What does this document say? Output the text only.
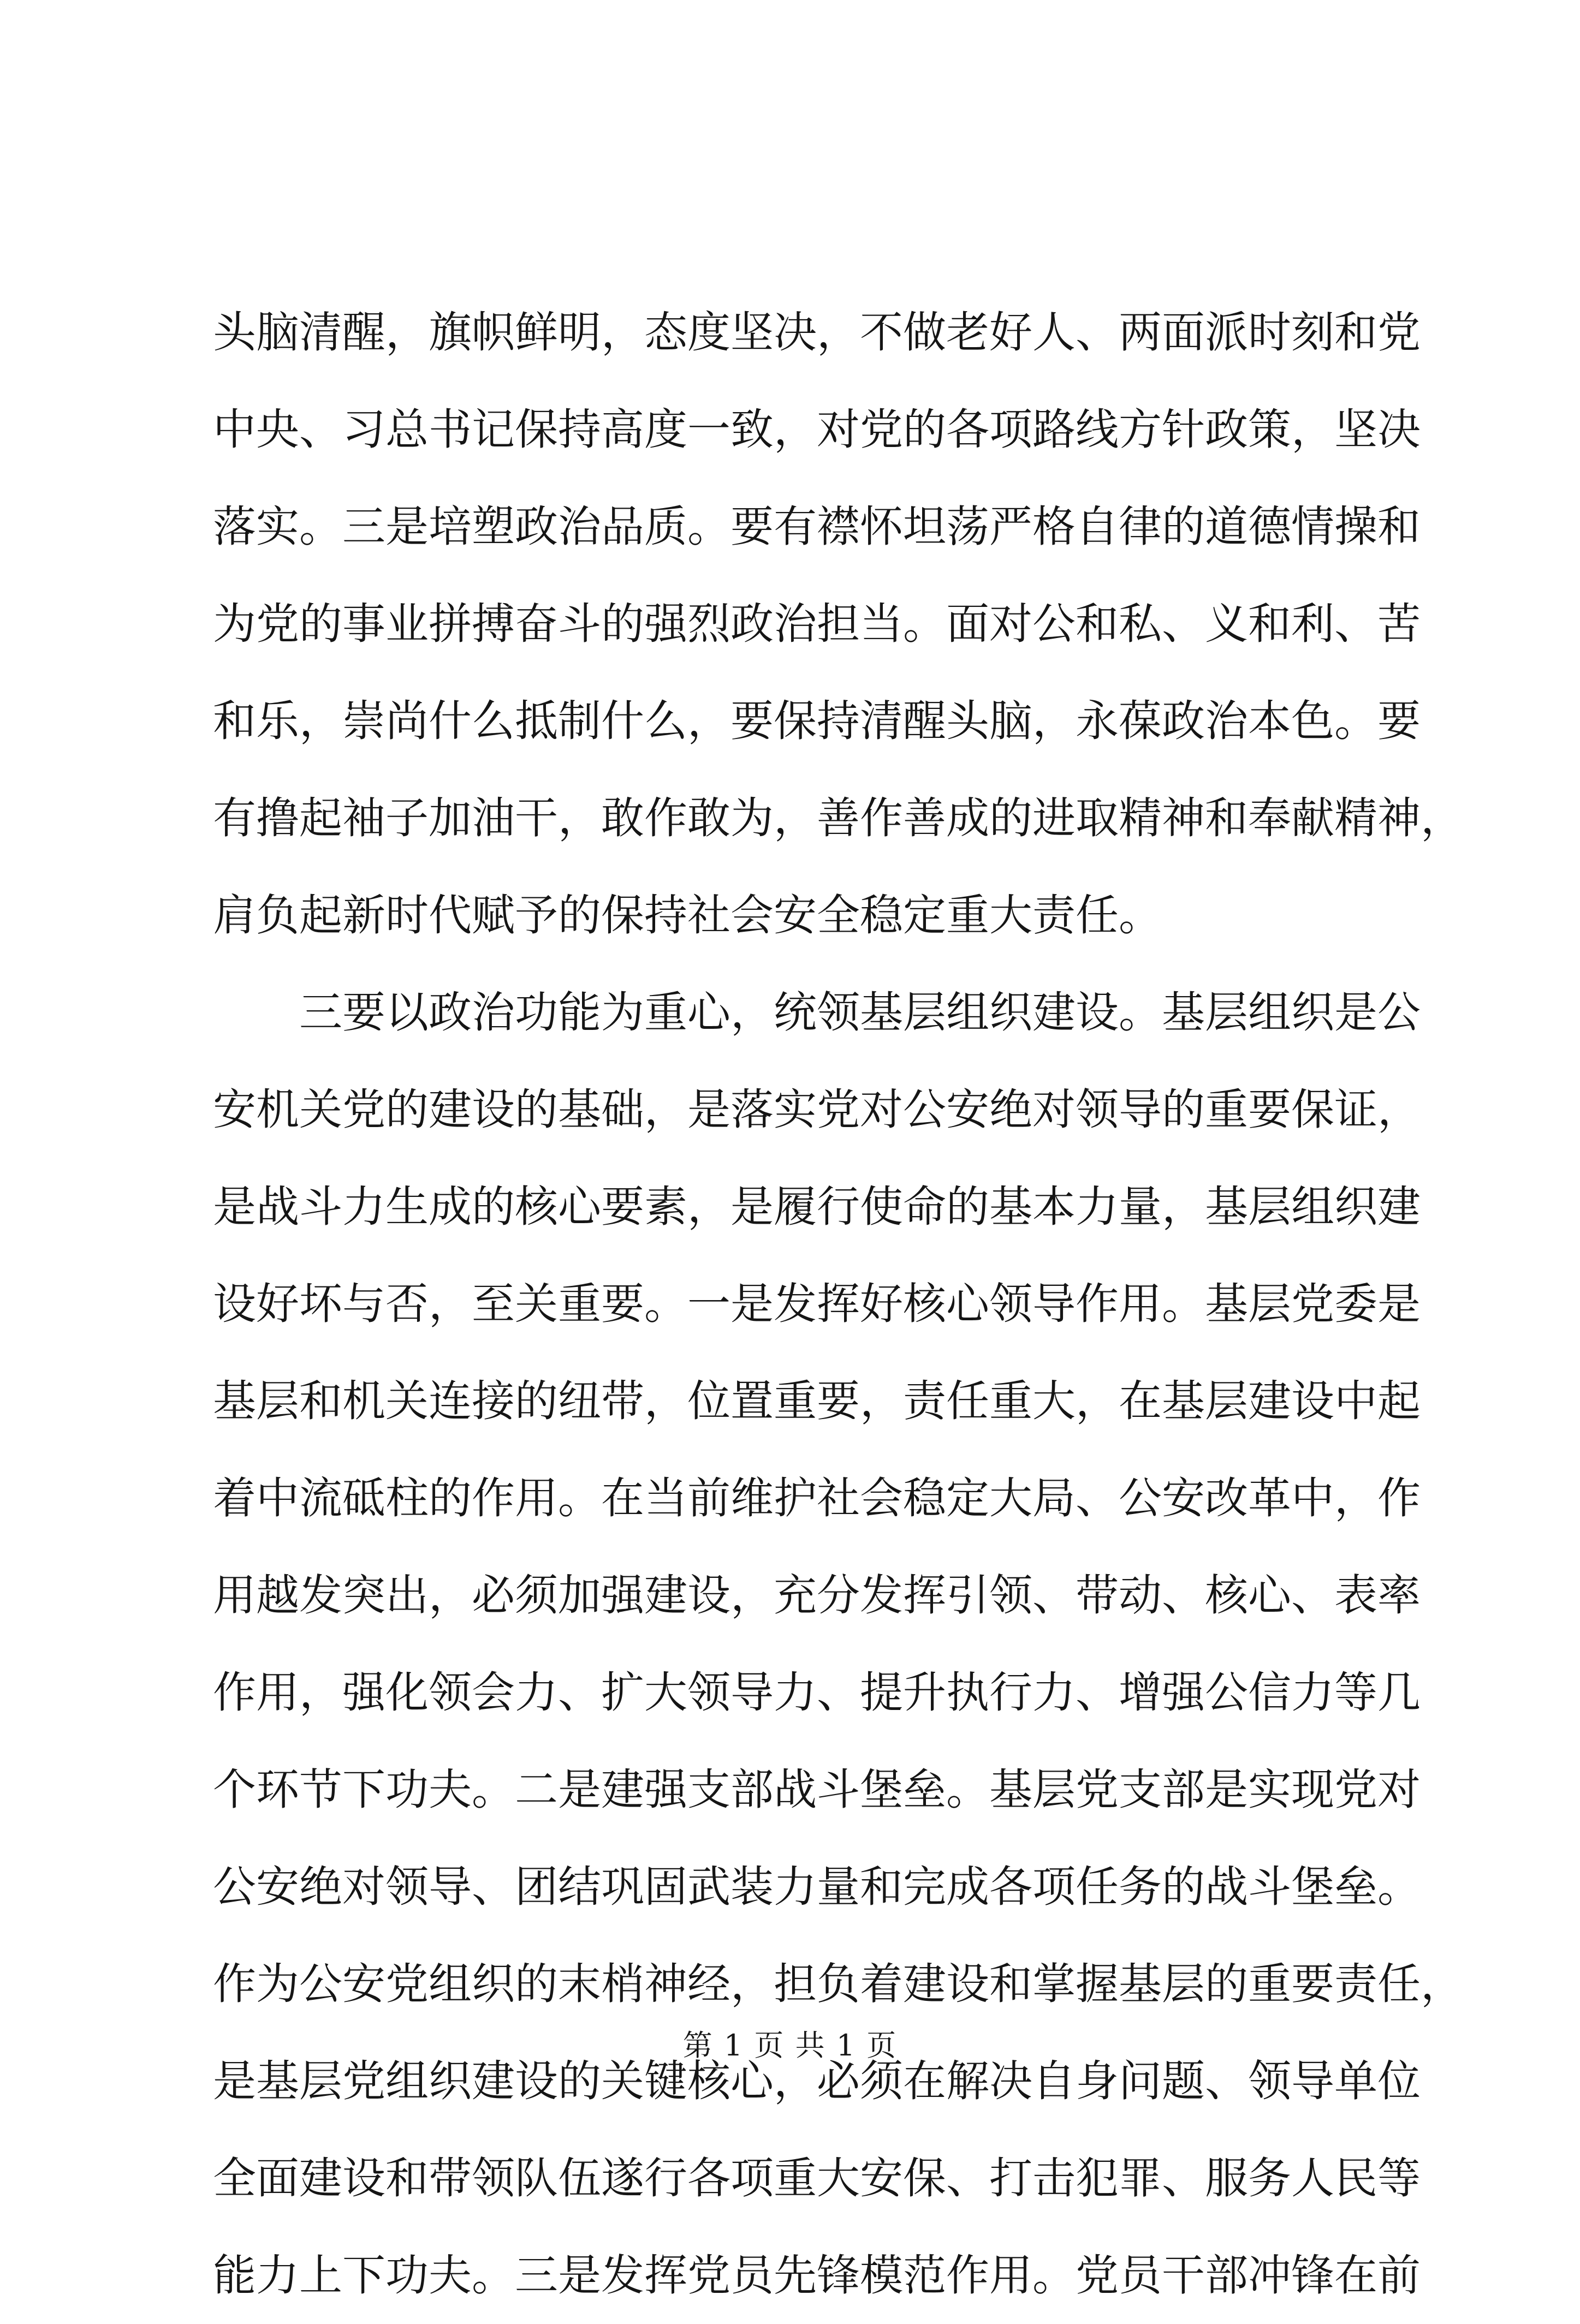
头脑清醒，旗帜鲜明，态度坚决，不做老好人、两面派时刻和党
中央、习总书记保持高度一致，对党的各项路线方针政策，坚决
落实。三是培塑政治品质。要有襟怀坦荡严格自律的道德情操和
为党的事业拼搏奋斗的强烈政治担当。面对公和私、义和利、苦
和乐，崇尚什么抵制什么，要保持清醒头脑，永葆政治本色。要
有撸起袖子加油干，敢作敢为，善作善成的进取精神和奉献精神，
肩负起新时代赋予的保持社会安全稳定重大责任。
三要以政治功能为重心，统领基层组织建设。基层组织是公
安机关党的建设的基础，是落实党对公安绝对领导的重要保证，
是战斗力生成的核心要素，是履行使命的基本力量，基层组织建
设好坏与否，至关重要。一是发挥好核心领导作用。基层党委是
基层和机关连接的纽带，位置重要，责任重大，在基层建设中起
着中流砥柱的作用。在当前维护社会稳定大局、公安改革中，作
用越发突出，必须加强建设，充分发挥引领、带动、核心、表率
作用，强化领会力、扩大领导力、提升执行力、增强公信力等几
个环节下功夫。二是建强支部战斗堡垒。基层党支部是实现党对
公安绝对领导、团结巩固武装力量和完成各项任务的战斗堡垒。
作为公安党组织的末梢神经，担负着建设和掌握基层的重要责任，
是基层党组织建设的关键核心，必须在解决自身问题、领导单位
全面建设和带领队伍遂行各项重大安保、打击犯罪、服务人民等
能力上下功夫。三是发挥党员先锋模范作用。党员干部冲锋在前
第 1 页 共 1 页
